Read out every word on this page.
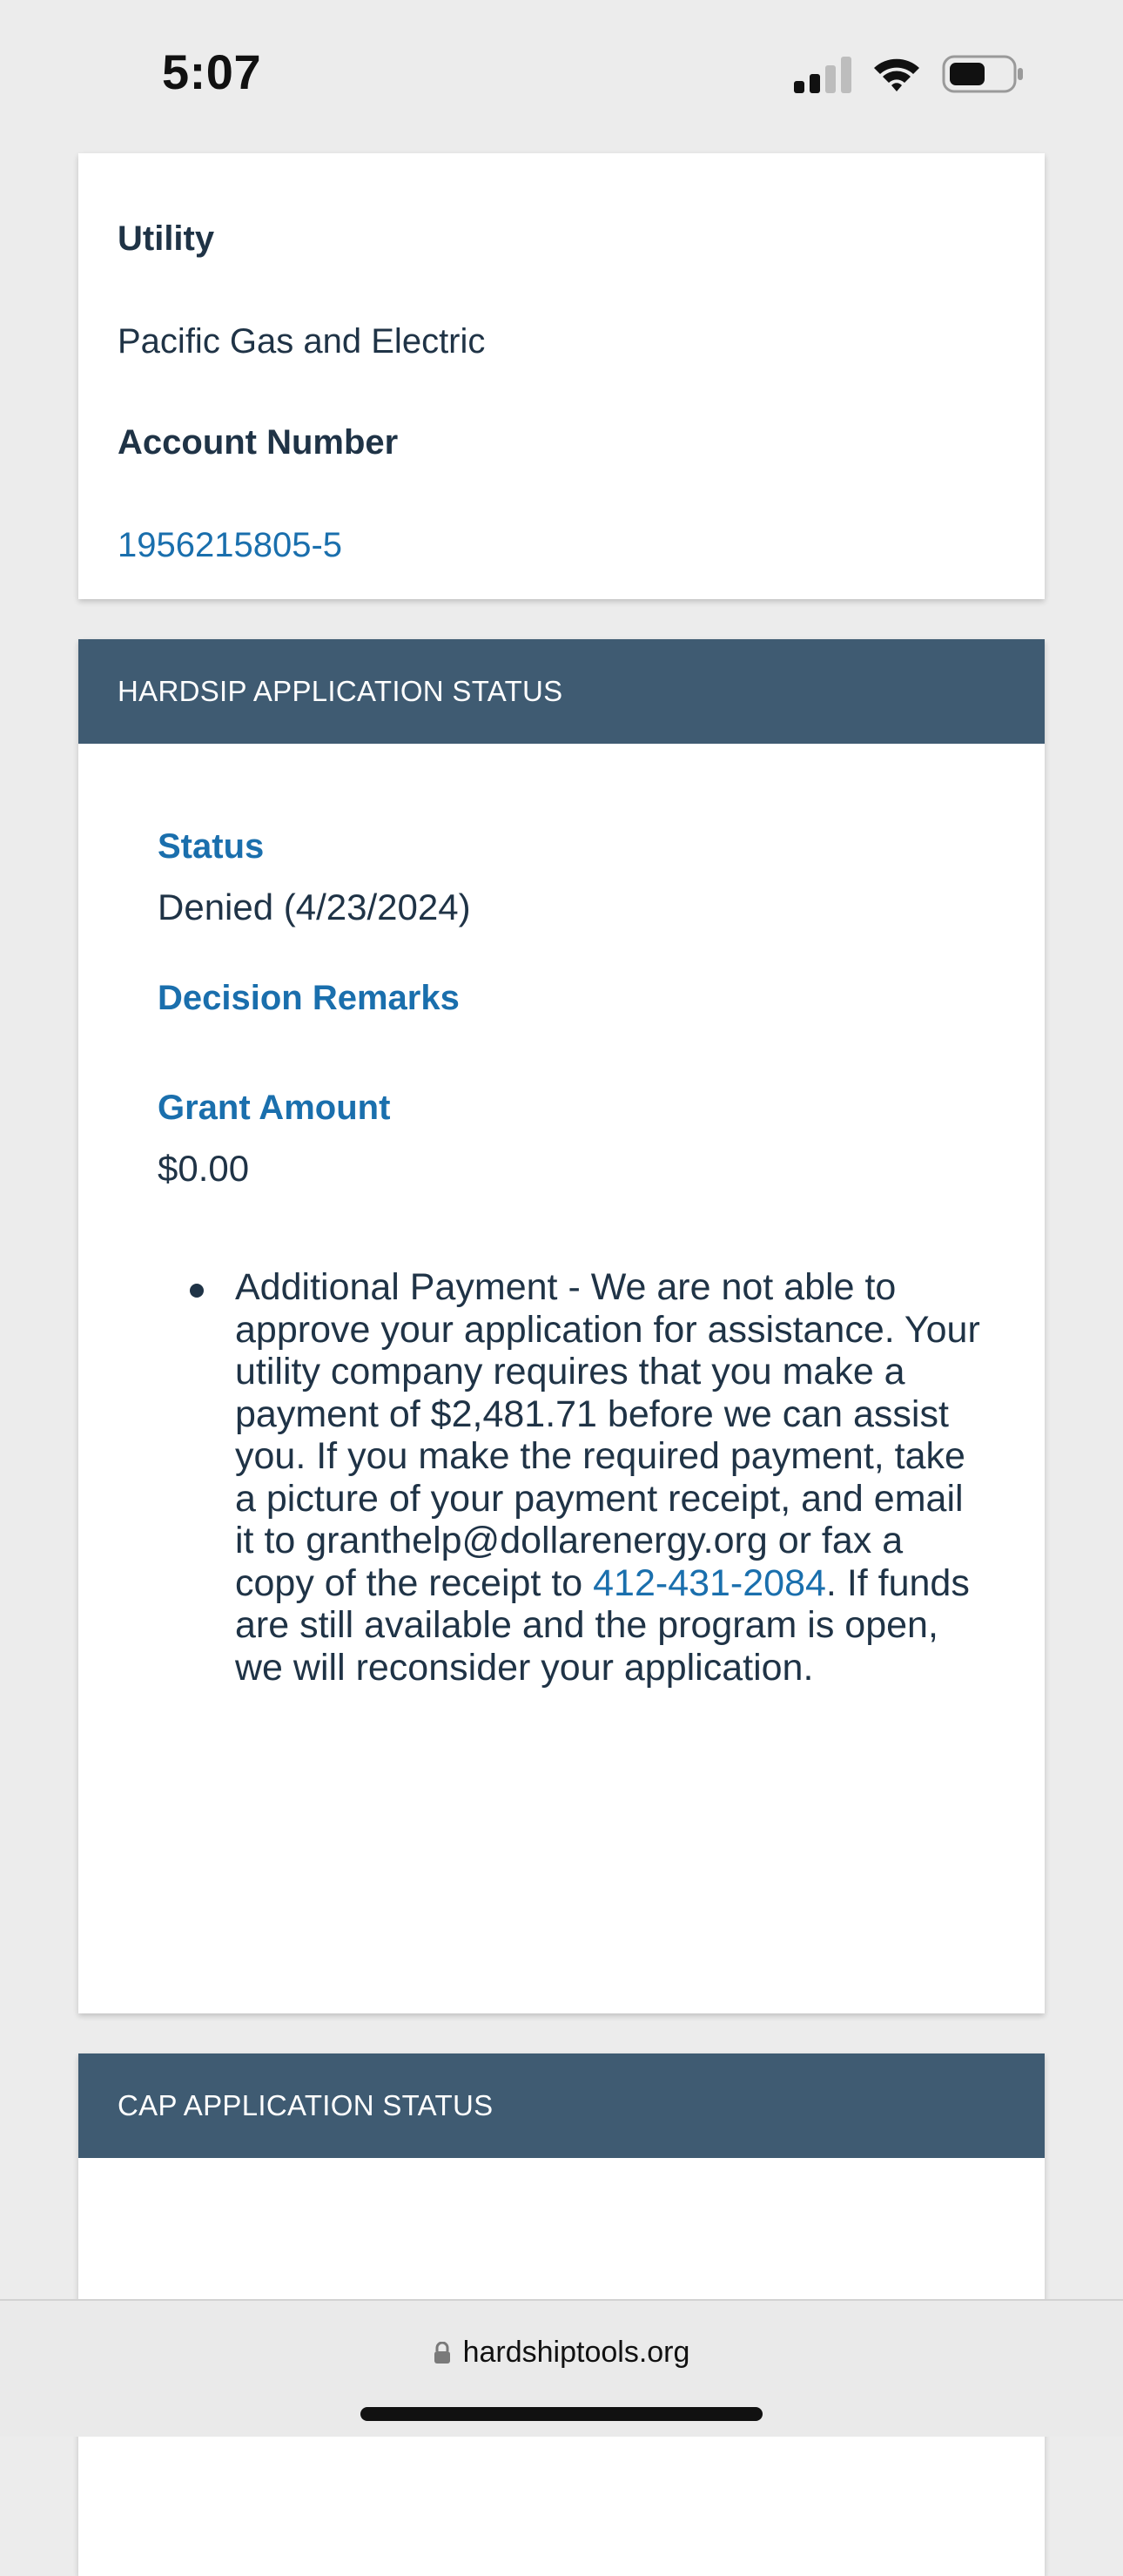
5:07
Utility
Pacific Gas and Electric
Account Number
1956215805-5
HARDSIP APPLICATION STATUS
Status
Denied (4/23/2024)
Decision Remarks
Grant Amount
$0.00
Additional Payment - We are not able to approve your application for assistance. Your utility company requires that you make a payment of $2,481.71 before we can assist you. If you make the required payment, take a picture of your payment receipt, and email it to granthelp@dollarenergy.org or fax a copy of the receipt to 412-431-2084. If funds are still available and the program is open, we will reconsider your application.
CAP APPLICATION STATUS
hardshiptools.org
